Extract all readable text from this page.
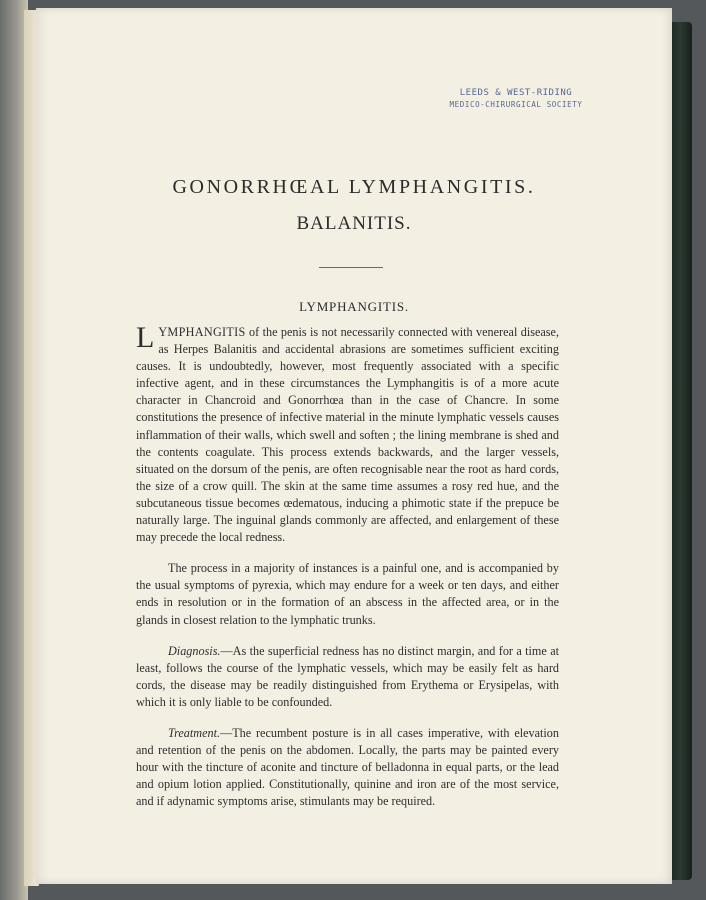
LEEDS & WEST-RIDING
MEDICO-CHIRURGICAL SOCIETY
GONORRHŒAL LYMPHANGITIS.
BALANITIS.
LYMPHANGITIS.

LYMPHANGITIS of the penis is not necessarily connected with venereal disease, as Herpes Balanitis and accidental abrasions are sometimes sufficient exciting causes. It is undoubtedly, however, most frequently associated with a specific infective agent, and in these circumstances the Lymphangitis is of a more acute character in Chancroid and Gonorrhœa than in the case of Chancre. In some constitutions the presence of infective material in the minute lymphatic vessels causes inflammation of their walls, which swell and soften ; the lining membrane is shed and the contents coagulate. This process extends backwards, and the larger vessels, situated on the dorsum of the penis, are often recognisable near the root as hard cords, the size of a crow quill. The skin at the same time assumes a rosy red hue, and the subcutaneous tissue becomes œdematous, inducing a phimotic state if the prepuce be naturally large. The inguinal glands commonly are affected, and enlargement of these may precede the local redness.

The process in a majority of instances is a painful one, and is accompanied by the usual symptoms of pyrexia, which may endure for a week or ten days, and either ends in resolution or in the formation of an abscess in the affected area, or in the glands in closest relation to the lymphatic trunks.

Diagnosis.—As the superficial redness has no distinct margin, and for a time at least, follows the course of the lymphatic vessels, which may be easily felt as hard cords, the disease may be readily distinguished from Erythema or Erysipelas, with which it is only liable to be confounded.

Treatment.—The recumbent posture is in all cases imperative, with elevation and retention of the penis on the abdomen. Locally, the parts may be painted every hour with the tincture of aconite and tincture of belladonna in equal parts, or the lead and opium lotion applied. Constitutionally, quinine and iron are of the most service, and if adynamic symptoms arise, stimulants may be required.
